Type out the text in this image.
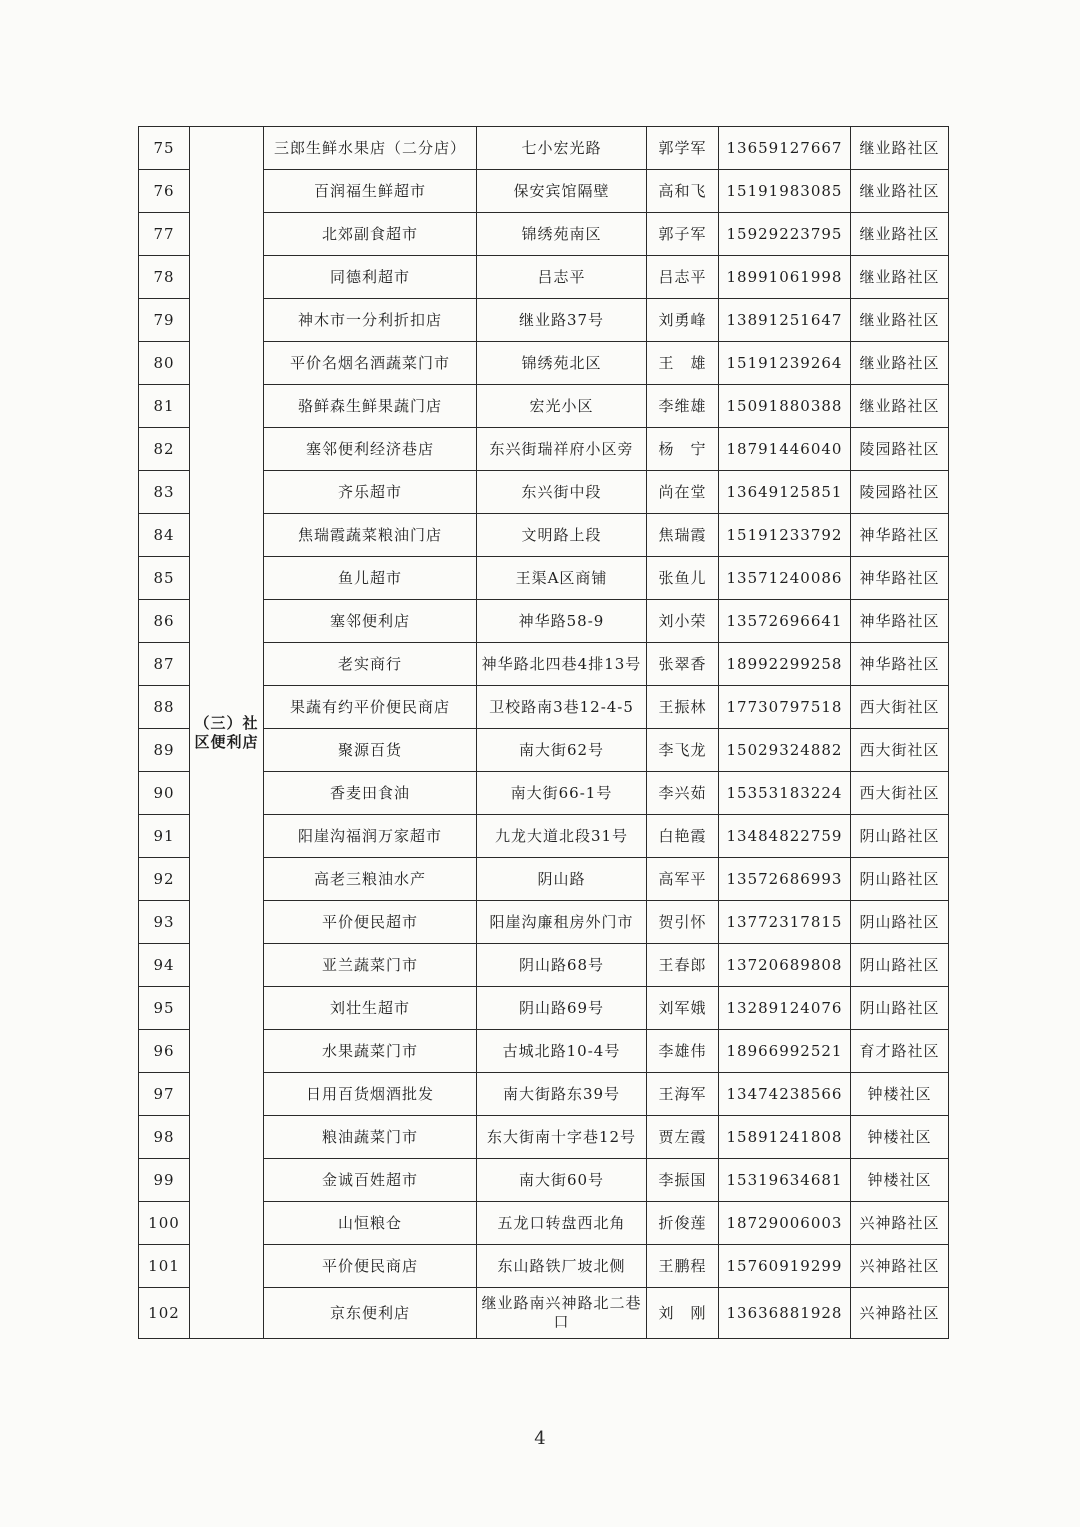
75	（三）社区便利店	三郎生鲜水果店（二分店）	七小宏光路	郭学军	13659127667	继业路社区
76		百润福生鲜超市	保安宾馆隔壁	高和飞	15191983085	继业路社区
77		北郊副食超市	锦绣苑南区	郭子军	15929223795	继业路社区
78		同德利超市	吕志平	吕志平	18991061998	继业路社区
79		神木市一分利折扣店	继业路37号	刘勇峰	13891251647	继业路社区
80		平价名烟名酒蔬菜门市	锦绣苑北区	王　雄	15191239264	继业路社区
81		骆鲜森生鲜果蔬门店	宏光小区	李维雄	15091880388	继业路社区
82		塞邻便利经济巷店	东兴街瑞祥府小区旁	杨　宁	18791446040	陵园路社区
83		齐乐超市	东兴街中段	尚在堂	13649125851	陵园路社区
84		焦瑞霞蔬菜粮油门店	文明路上段	焦瑞霞	15191233792	神华路社区
85		鱼儿超市	王渠A区商铺	张鱼儿	13571240086	神华路社区
86		塞邻便利店	神华路58-9	刘小荣	13572696641	神华路社区
87		老实商行	神华路北四巷4排13号	张翠香	18992299258	神华路社区
88		果蔬有约平价便民商店	卫校路南3巷12-4-5	王振林	17730797518	西大街社区
89		聚源百货	南大街62号	李飞龙	15029324882	西大街社区
90		香麦田食油	南大街66-1号	李兴茹	15353183224	西大街社区
91		阳崖沟福润万家超市	九龙大道北段31号	白艳霞	13484822759	阴山路社区
92		高老三粮油水产	阴山路	高军平	13572686993	阴山路社区
93		平价便民超市	阳崖沟廉租房外门市	贺引怀	13772317815	阴山路社区
94		亚兰蔬菜门市	阴山路68号	王春郎	13720689808	阴山路社区
95		刘壮生超市	阴山路69号	刘军娥	13289124076	阴山路社区
96		水果蔬菜门市	古城北路10-4号	李雄伟	18966992521	育才路社区
97		日用百货烟酒批发	南大街路东39号	王海军	13474238566	钟楼社区
98		粮油蔬菜门市	东大街南十字巷12号	贾左霞	15891241808	钟楼社区
99		金诚百姓超市	南大街60号	李振国	15319634681	钟楼社区
100		山恒粮仓	五龙口转盘西北角	折俊莲	18729006003	兴神路社区
101		平价便民商店	东山路铁厂坡北侧	王鹏程	15760919299	兴神路社区
102		京东便利店	继业路南兴神路北二巷口	刘　刚	13636881928	兴神路社区
4
